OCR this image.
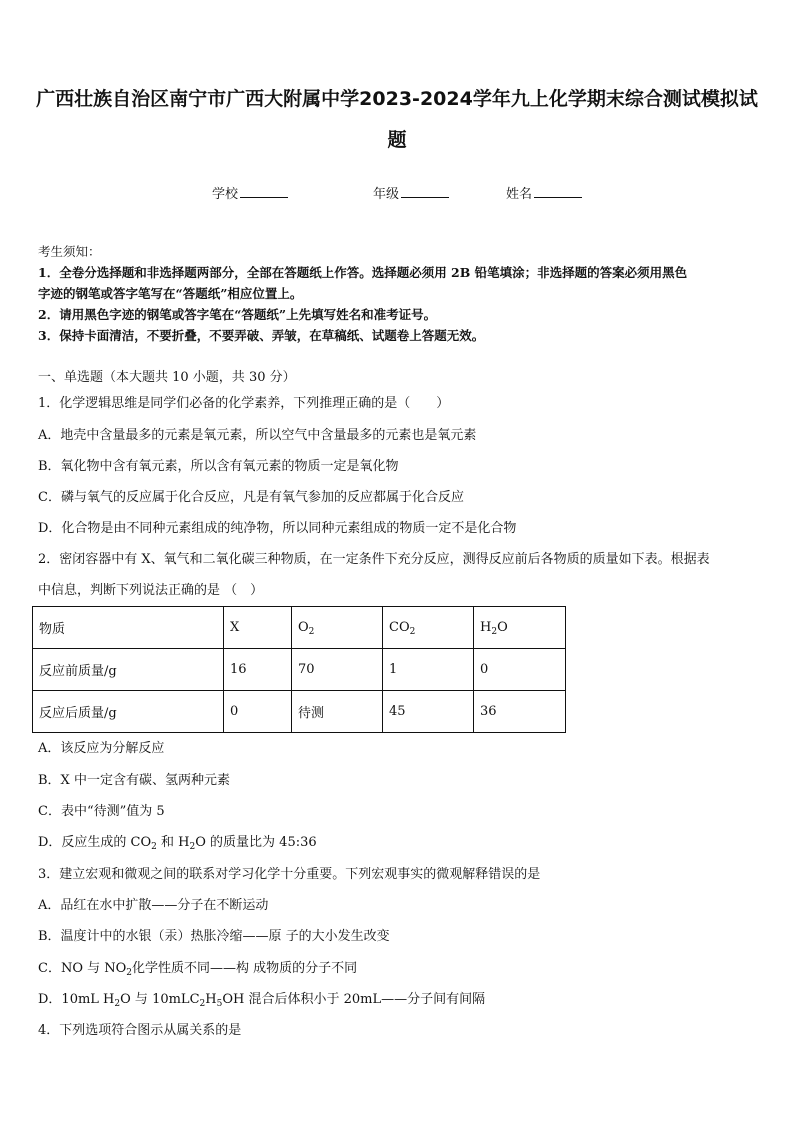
广西壮族自治区南宁市广西大附属中学2023-2024学年九上化学期末综合测试模拟试
题
学校	年级	姓名
考生须知：
1．全卷分选择题和非选择题两部分，全部在答题纸上作答。选择题必须用 2B 铅笔填涂；非选择题的答案必须用黑色
字迹的钢笔或答字笔写在“答题纸”相应位置上。
2．请用黑色字迹的钢笔或答字笔在“答题纸”上先填写姓名和准考证号。
3．保持卡面清洁，不要折叠，不要弄破、弄皱，在草稿纸、试题卷上答题无效。
一、单选题（本大题共 10 小题，共 30 分）
1．化学逻辑思维是同学们必备的化学素养，下列推理正确的是（　　）
A．地壳中含量最多的元素是氧元素，所以空气中含量最多的元素也是氧元素
B．氧化物中含有氧元素，所以含有氧元素的物质一定是氧化物
C．磷与氧气的反应属于化合反应，凡是有氧气参加的反应都属于化合反应
D．化合物是由不同种元素组成的纯净物，所以同种元素组成的物质一定不是化合物
2．密闭容器中有 X、氧气和二氧化碳三种物质，在一定条件下充分反应，测得反应前后各物质的质量如下表。根据表
中信息，判断下列说法正确的是 （　）
物质	X	$O_2$	$CO_2$	$H_2O$
反应前质量/g	16	70	1	0
反应后质量/g	0	待测	45	36
A．该反应为分解反应
B．X 中一定含有碳、氢两种元素
C．表中“待测”值为 5
D．反应生成的 $CO_2$ 和 $H_2O$ 的质量比为 45:36
3．建立宏观和微观之间的联系对学习化学十分重要。下列宏观事实的微观解释错误的是
A．品红在水中扩散——分子在不断运动
B．温度计中的水银（汞）热胀冷缩——原 子的大小发生改变
C．NO 与 $NO_2$化学性质不同——构 成物质的分子不同
D．10mL $H_2O$ 与 $10mLC_2H_5OH$ 混合后体积小于 20mL——分子间有间隔
4．下列选项符合图示从属关系的是
